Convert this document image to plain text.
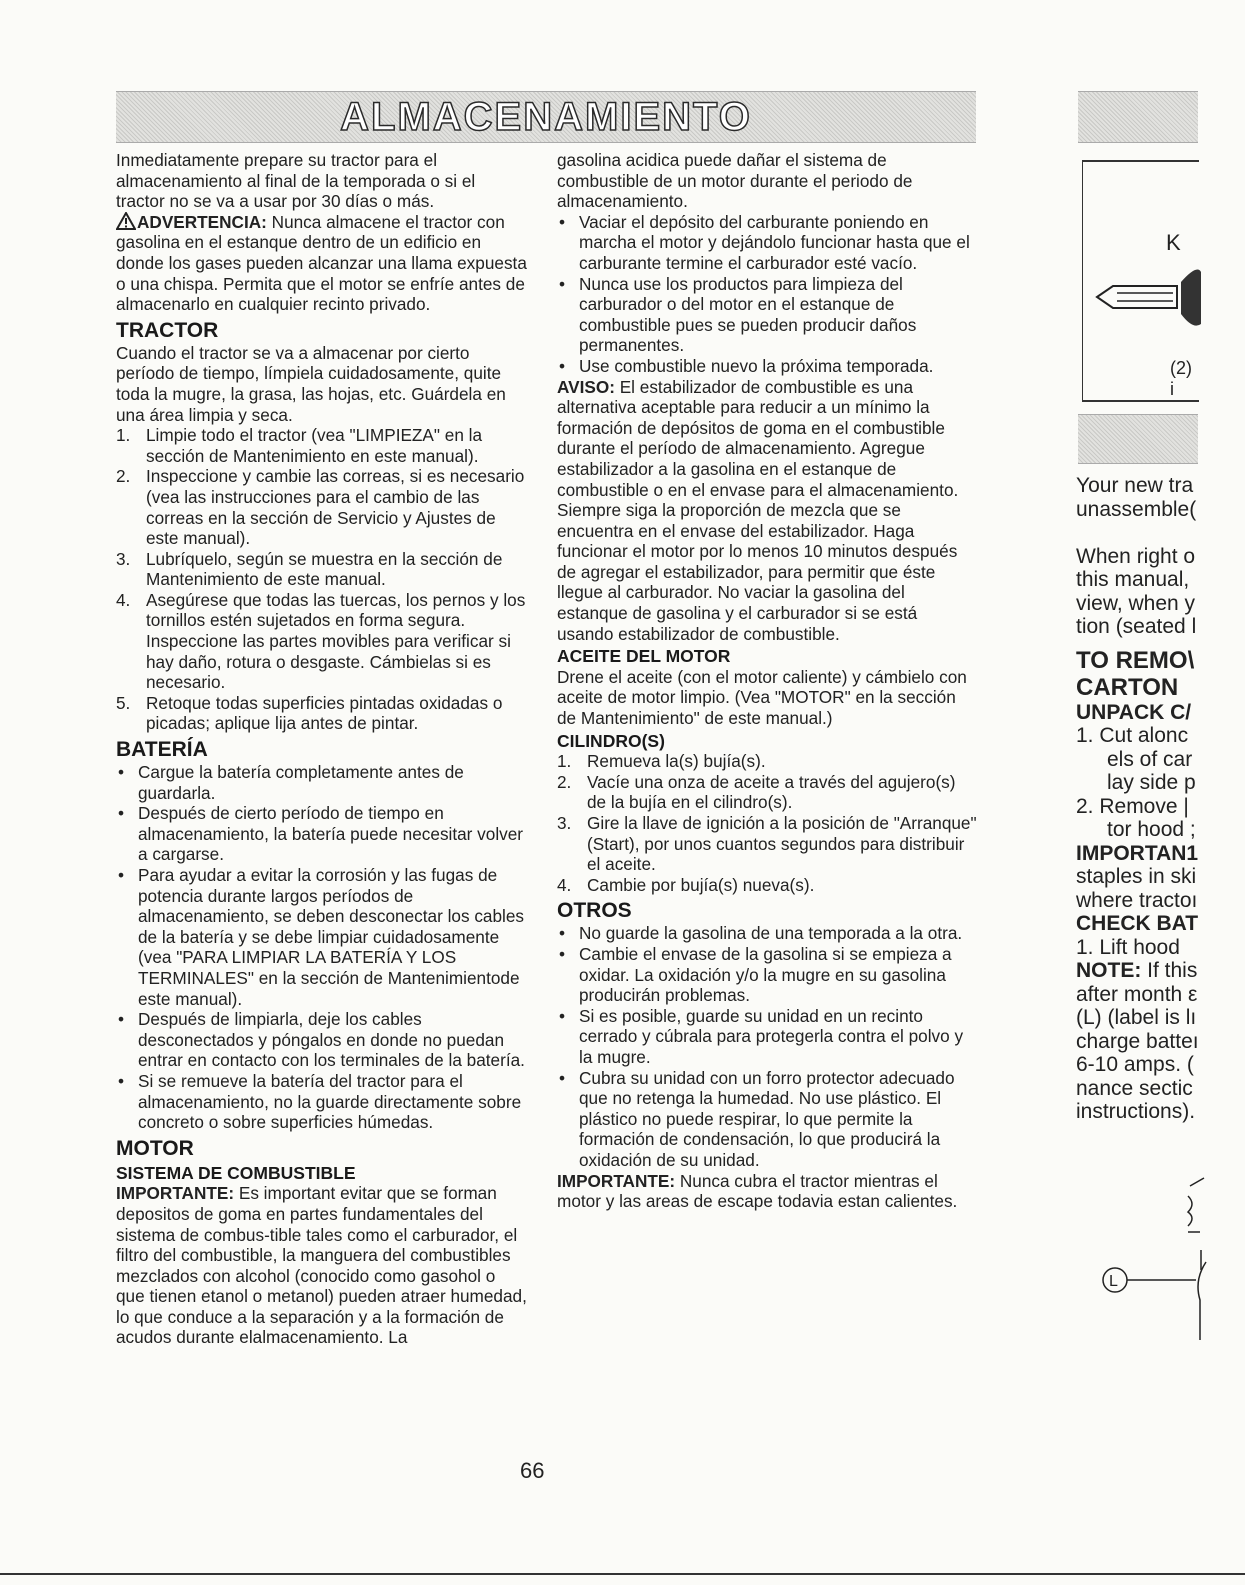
ALMACENAMIENTO

Inmediatamente prepare su tractor para el almacenamiento al final de la temporada o si el tractor no se va a usar por 30 días o más.

ADVERTENCIA: Nunca almacene el tractor con gasolina en el estanque dentro de un edificio en donde los gases pueden alcanzar una llama expuesta o una chispa. Permita que el motor se enfríe antes de almacenarlo en cualquier recinto privado.

TRACTOR

Cuando el tractor se va a almacenar por cierto período de tiempo, límpiela cuidadosamente, quite toda la mugre, la grasa, las hojas, etc. Guárdela en una área limpia y seca.

1. Limpie todo el tractor (vea "LIMPIEZA" en la sección de Mantenimiento en este manual).
2. Inspeccione y cambie las correas, si es necesario (vea las instrucciones para el cambio de las correas en la sección de Servicio y Ajustes de este manual).
3. Lubríquelo, según se muestra en la sección de Mantenimiento de este manual.
4. Asegúrese que todas las tuercas, los pernos y los tornillos estén sujetados en forma segura. Inspeccione las partes movibles para verificar si hay daño, rotura o desgaste. Cámbielas si es necesario.
5. Retoque todas superficies pintadas oxidadas o picadas; aplique lija antes de pintar.

BATERÍA

• Cargue la batería completamente antes de guardarla.
• Después de cierto período de tiempo en almacenamiento, la batería puede necesitar volver a cargarse.
• Para ayudar a evitar la corrosión y las fugas de potencia durante largos períodos de almacenamiento, se deben desconectar los cables de la batería y se debe limpiar cuidadosamente (vea "PARA LIMPIAR LA BATERÍA Y LOS TERMINALES" en la sección de Mantenimientode este manual).
• Después de limpiarla, deje los cables desconectados y póngalos en donde no puedan entrar en contacto con los terminales de la batería.
• Si se remueve la batería del tractor para el almacenamiento, no la guarde directamente sobre concreto o sobre superficies húmedas.

MOTOR

SISTEMA DE COMBUSTIBLE

IMPORTANTE: Es important evitar que se forman depositos de goma en partes fundamentales del sistema de combus-tible tales como el carburador, el filtro del combustible, la manguera del combustibles mezclados con alcohol (conocido como gasohol o que tienen etanol o metanol) pueden atraer humedad, lo que conduce a la separación y a la formación de acudos durante elalmacenamiento. La

gasolina acidica puede dañar el sistema de combustible de un motor durante el periodo de almacenamiento.

• Vaciar el depósito del carburante poniendo en marcha el motor y dejándolo funcionar hasta que el carburante termine el carburador esté vacío.
• Nunca use los productos para limpieza del carburador o del motor en el estanque de combustible pues se pueden producir daños permanentes.
• Use combustible nuevo la próxima temporada.

AVISO: El estabilizador de combustible es una alternativa aceptable para reducir a un mínimo la formación de depósitos de goma en el combustible durante el período de almacenamiento. Agregue estabilizador a la gasolina en el estanque de combustible o en el envase para el almacenamiento. Siempre siga la proporción de mezcla que se encuentra en el envase del estabilizador. Haga funcionar el motor por lo menos 10 minutos después de agregar el estabilizador, para permitir que éste llegue al carburador. No vaciar la gasolina del estanque de gasolina y el carburador si se está usando estabilizador de combustible.

ACEITE DEL MOTOR

Drene el aceite (con el motor caliente) y cámbielo con aceite de motor limpio. (Vea "MOTOR" en la sección de Mantenimiento" de este manual.)

CILINDRO(S)

1. Remueva la(s) bujía(s).
2. Vacíe una onza de aceite a través del agujero(s) de la bujía en el cilindro(s).
3. Gire la llave de ignición a la posición de "Arranque" (Start), por unos cuantos segundos para distribuir el aceite.
4. Cambie por bujía(s) nueva(s).

OTROS

• No guarde la gasolina de una temporada a la otra.
• Cambie el envase de la gasolina si se empieza a oxidar. La oxidación y/o la mugre en su gasolina producirán problemas.
• Si es posible, guarde su unidad en un recinto cerrado y cúbrala para protegerla contra el polvo y la mugre.
• Cubra su unidad con un forro protector adecuado que no retenga la humedad. No use plástico. El plástico no puede respirar, lo que permite la formación de condensación, lo que producirá la oxidación de su unidad.

IMPORTANTE: Nunca cubra el tractor mientras el motor y las areas de escape todavia estan calientes.

66
K
(2) i

Your new tra

unassemble(

When right o

this manual,

view, when y

tion (seated l

TO REMO\

CARTON

UNPACK C/

1. Cut alonc

els of car

lay side p

2. Remove |

tor hood ;

IMPORTAN1

staples in ski

where tractoı

CHECK BAT

1. Lift hood

NOTE: If this

after month ε

(L) (label is lı

charge batteı

6-10 amps. (

nance sectic

instructions).

L
